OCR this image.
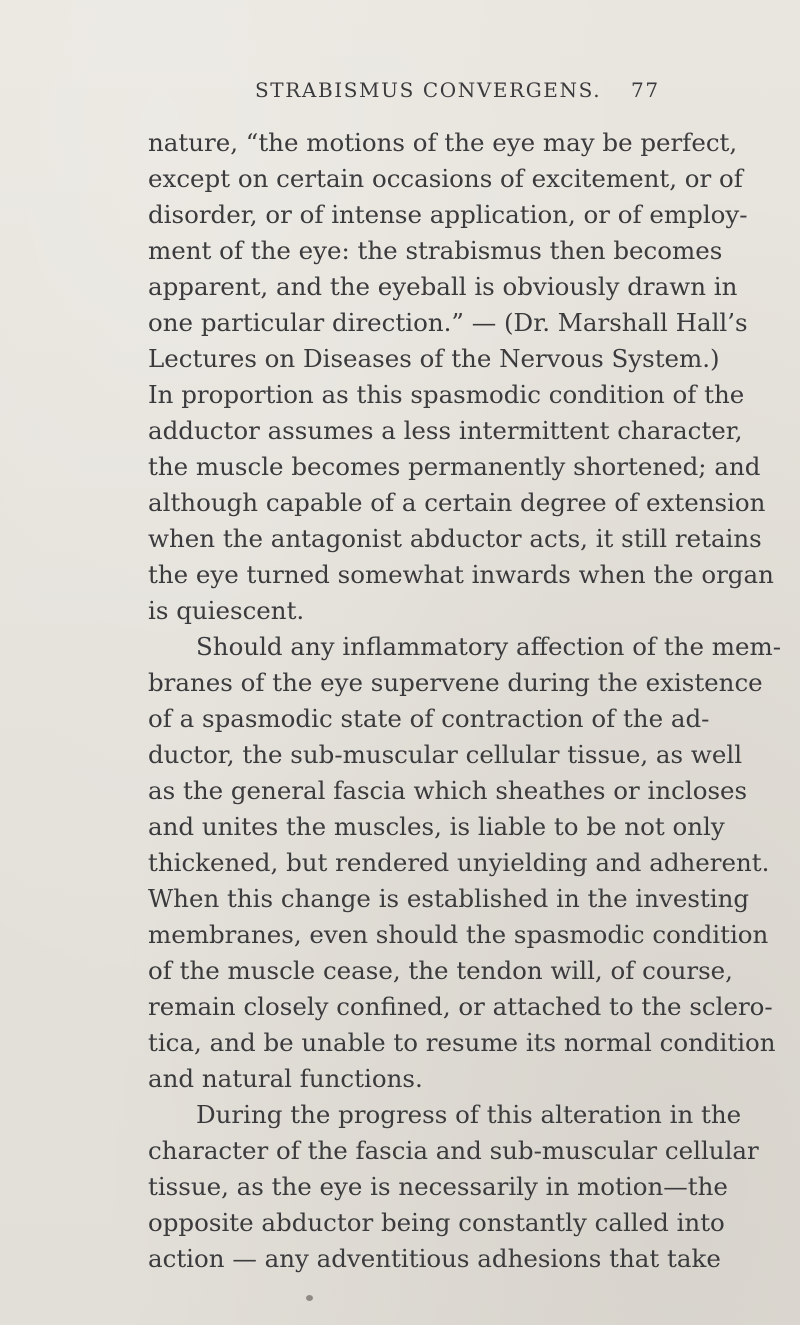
STRABISMUS CONVERGENS. 77
nature, “the motions of the eye may be perfect,
except on certain occasions of excitement, or of
disorder, or of intense application, or of employ-
ment of the eye: the strabismus then becomes
apparent, and the eyeball is obviously drawn in
one particular direction.” — (Dr. Marshall Hall’s
Lectures on Diseases of the Nervous System.)
In proportion as this spasmodic condition of the
adductor assumes a less intermittent character,
the muscle becomes permanently shortened; and
although capable of a certain degree of extension
when the antagonist abductor acts, it still retains
the eye turned somewhat inwards when the organ
is quiescent.
Should any inflammatory affection of the mem-
branes of the eye supervene during the existence
of a spasmodic state of contraction of the ad-
ductor, the sub-muscular cellular tissue, as well
as the general fascia which sheathes or incloses
and unites the muscles, is liable to be not only
thickened, but rendered unyielding and adherent.
When this change is established in the investing
membranes, even should the spasmodic condition
of the muscle cease, the tendon will, of course,
remain closely confined, or attached to the sclero-
tica, and be unable to resume its normal condition
and natural functions.
During the progress of this alteration in the
character of the fascia and sub-muscular cellular
tissue, as the eye is necessarily in motion—the
opposite abductor being constantly called into
action — any adventitious adhesions that take
